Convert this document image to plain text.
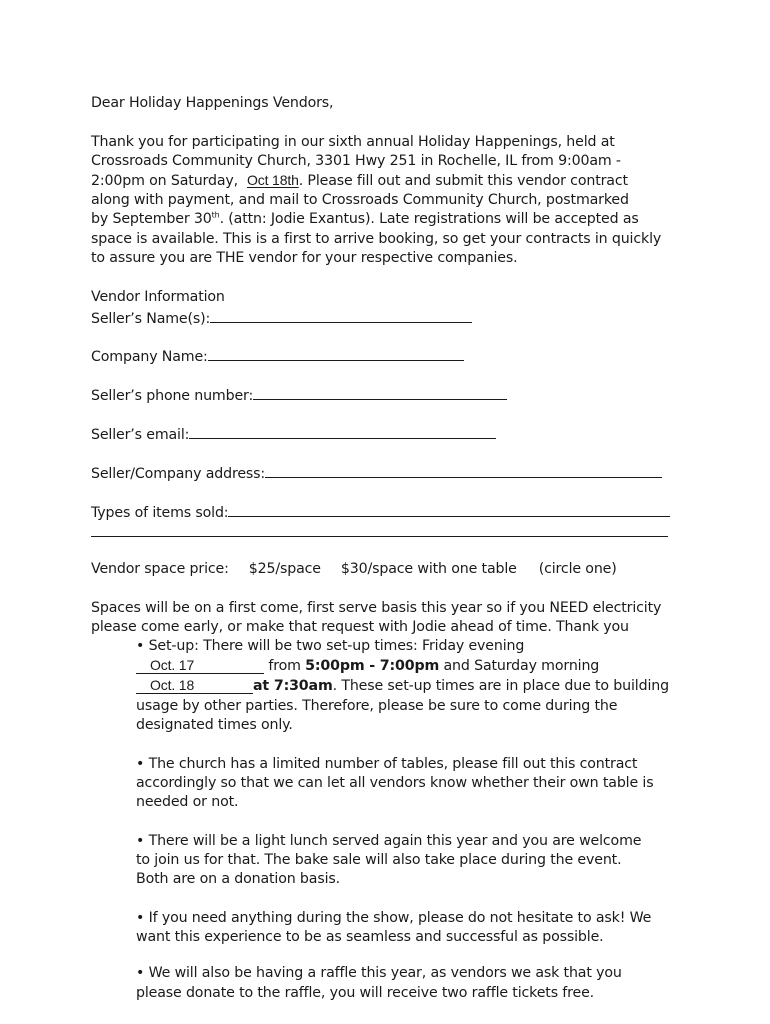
Dear Holiday Happenings Vendors,
Thank you for participating in our sixth annual Holiday Happenings, held at
Crossroads Community Church, 3301 Hwy 251 in Rochelle, IL from 9:00am -
2:00pm on Saturday, Oct 18th. Please fill out and submit this vendor contract
along with payment, and mail to Crossroads Community Church, postmarked
by September 30th. (attn: Jodie Exantus). Late registrations will be accepted as
space is available. This is a first to arrive booking, so get your contracts in quickly
to assure you are THE vendor for your respective companies.
Vendor Information
Seller’s Name(s):
Company Name:
Seller’s phone number:
Seller’s email:
Seller/Company address:
Types of items sold:
Vendor space price: $25/space $30/space with one table (circle one)
Spaces will be on a first come, first serve basis this year so if you NEED electricity
please come early, or make that request with Jodie ahead of time. Thank you
• Set-up: There will be two set-up times: Friday evening
Oct. 17	from 5:00pm - 7:00pm and Saturday morning
Oct. 18	at 7:30am. These set-up times are in place due to building
usage by other parties. Therefore, please be sure to come during the
designated times only.
• The church has a limited number of tables, please fill out this contract
accordingly so that we can let all vendors know whether their own table is
needed or not.
• There will be a light lunch served again this year and you are welcome
to join us for that. The bake sale will also take place during the event.
Both are on a donation basis.
• If you need anything during the show, please do not hesitate to ask! We
want this experience to be as seamless and successful as possible.
• We will also be having a raffle this year, as vendors we ask that you
please donate to the raffle, you will receive two raffle tickets free.
